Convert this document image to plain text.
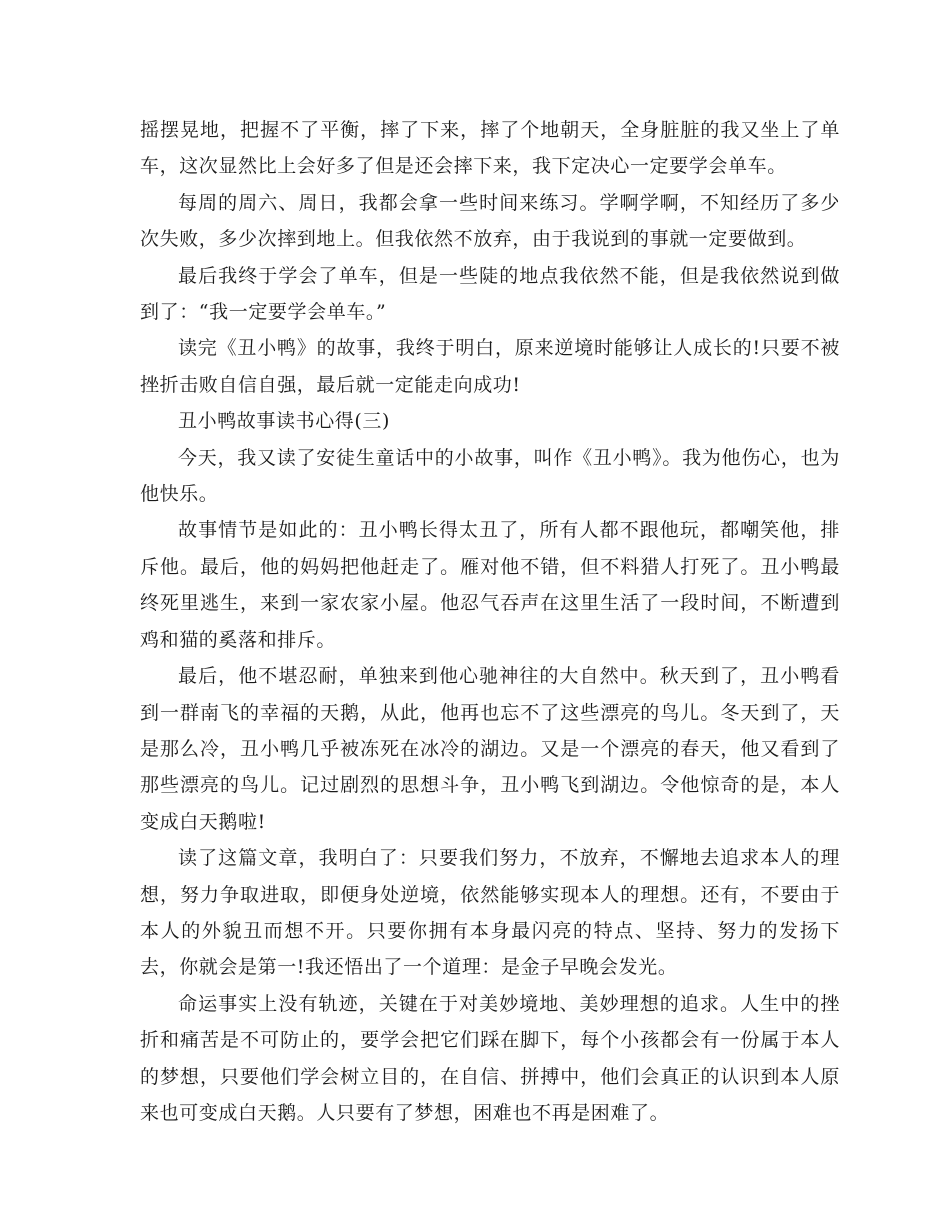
摇摆晃地，把握不了平衡，摔了下来，摔了个地朝天，全身脏脏的我又坐上了单车，这次显然比上会好多了但是还会摔下来，我下定决心一定要学会单车。

每周的周六、周日，我都会拿一些时间来练习。学啊学啊，不知经历了多少次失败，多少次摔到地上。但我依然不放弃，由于我说到的事就一定要做到。

最后我终于学会了单车，但是一些陡的地点我依然不能，但是我依然说到做到了：“我一定要学会单车。”

读完《丑小鸭》的故事，我终于明白，原来逆境时能够让人成长的!只要不被挫折击败自信自强，最后就一定能走向成功!

丑小鸭故事读书心得(三)

今天，我又读了安徒生童话中的小故事，叫作《丑小鸭》。我为他伤心，也为他快乐。

故事情节是如此的：丑小鸭长得太丑了，所有人都不跟他玩，都嘲笑他，排斥他。最后，他的妈妈把他赶走了。雁对他不错，但不料猎人打死了。丑小鸭最终死里逃生，来到一家农家小屋。他忍气吞声在这里生活了一段时间，不断遭到鸡和猫的奚落和排斥。

最后，他不堪忍耐，单独来到他心驰神往的大自然中。秋天到了，丑小鸭看到一群南飞的幸福的天鹅，从此，他再也忘不了这些漂亮的鸟儿。冬天到了，天是那么冷，丑小鸭几乎被冻死在冰冷的湖边。又是一个漂亮的春天，他又看到了那些漂亮的鸟儿。记过剧烈的思想斗争，丑小鸭飞到湖边。令他惊奇的是，本人变成白天鹅啦!

读了这篇文章，我明白了：只要我们努力，不放弃，不懈地去追求本人的理想，努力争取进取，即便身处逆境，依然能够实现本人的理想。还有，不要由于本人的外貌丑而想不开。只要你拥有本身最闪亮的特点、坚持、努力的发扬下去，你就会是第一!我还悟出了一个道理：是金子早晚会发光。

命运事实上没有轨迹，关键在于对美妙境地、美妙理想的追求。人生中的挫折和痛苦是不可防止的，要学会把它们踩在脚下，每个小孩都会有一份属于本人的梦想，只要他们学会树立目的，在自信、拼搏中，他们会真正的认识到本人原来也可变成白天鹅。人只要有了梦想，困难也不再是困难了。
